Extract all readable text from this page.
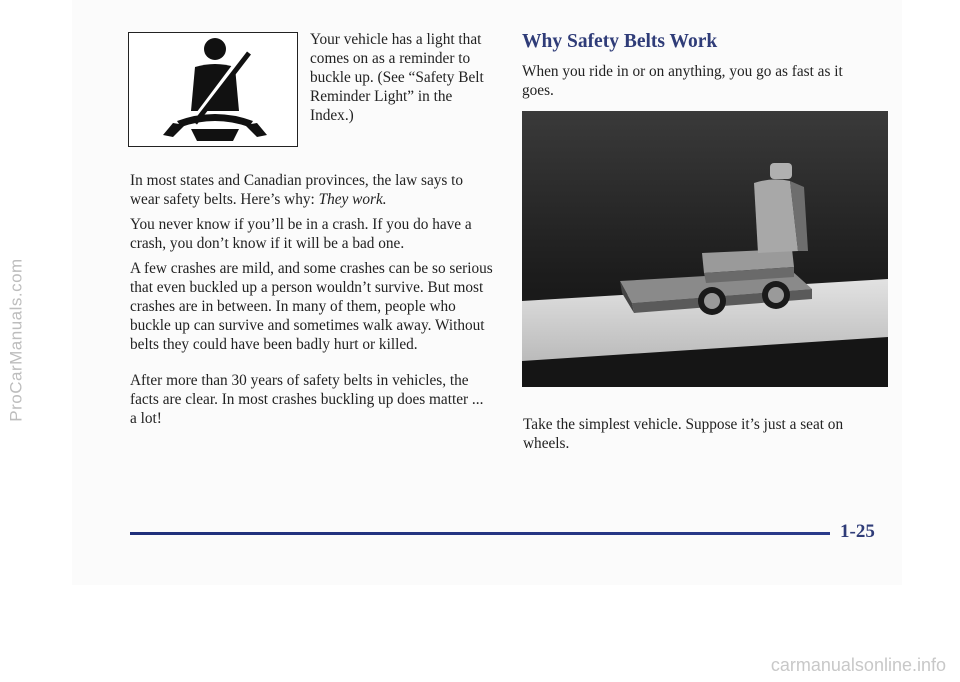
ProCarManuals.com

Your vehicle has a light that comes on as a reminder to buckle up. (See “Safety Belt Reminder Light” in the Index.)

In most states and Canadian provinces, the law says to wear safety belts. Here’s why: They work.

You never know if you’ll be in a crash. If you do have a crash, you don’t know if it will be a bad one.

A few crashes are mild, and some crashes can be so serious that even buckled up a person wouldn’t survive. But most crashes are in between. In many of them, people who buckle up can survive and sometimes walk away. Without belts they could have been badly hurt or killed.

After more than 30 years of safety belts in vehicles, the facts are clear. In most crashes buckling up does matter ... a lot!

Why Safety Belts Work

When you ride in or on anything, you go as fast as it goes.

Take the simplest vehicle. Suppose it’s just a seat on wheels.

1-25

carmanualsonline.info
